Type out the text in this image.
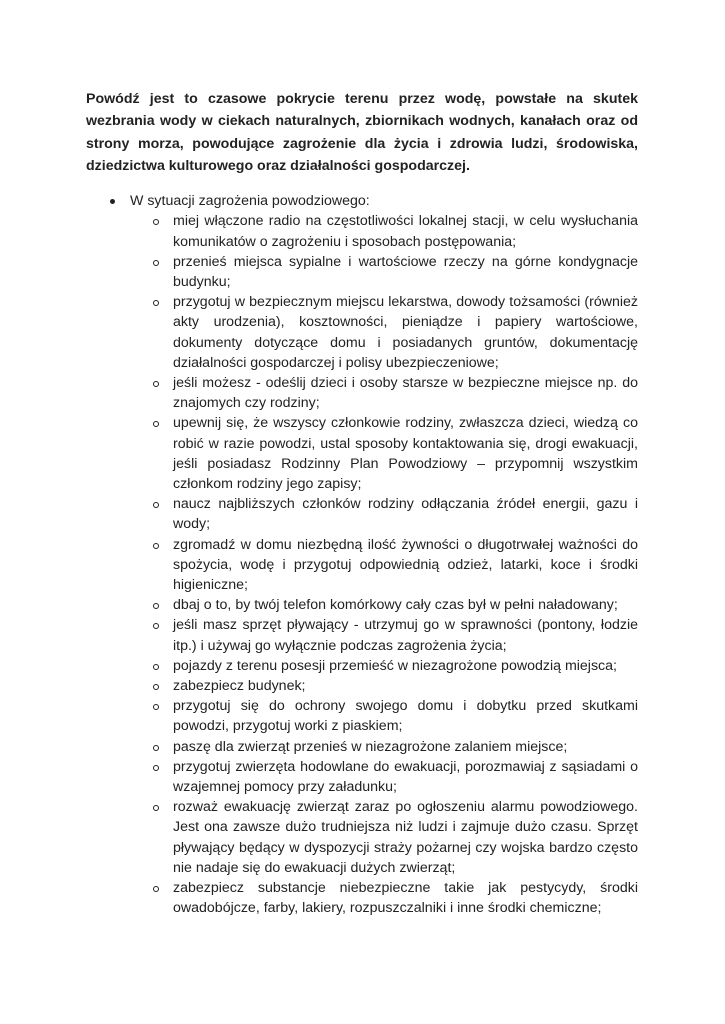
Powódź jest to czasowe pokrycie terenu przez wodę, powstałe na skutek wezbrania wody w ciekach naturalnych, zbiornikach wodnych, kanałach oraz od strony morza, powodujące zagrożenie dla życia i zdrowia ludzi, środowiska, dziedzictwa kulturowego oraz działalności gospodarczej.

W sytuacji zagrożenia powodziowego:
miej włączone radio na częstotliwości lokalnej stacji, w celu wysłuchania komunikatów o zagrożeniu i sposobach postępowania;
przenieś miejsca sypialne i wartościowe rzeczy na górne kondygnacje budynku;
przygotuj w bezpiecznym miejscu lekarstwa, dowody tożsamości (również akty urodzenia), kosztowności, pieniądze i papiery wartościowe, dokumenty dotyczące domu i posiadanych gruntów, dokumentację działalności gospodarczej i polisy ubezpieczeniowe;
jeśli możesz - odeślij dzieci i osoby starsze w bezpieczne miejsce np. do znajomych czy rodziny;
upewnij się, że wszyscy członkowie rodziny, zwłaszcza dzieci, wiedzą co robić w razie powodzi, ustal sposoby kontaktowania się, drogi ewakuacji, jeśli posiadasz Rodzinny Plan Powodziowy – przypomnij wszystkim członkom rodziny jego zapisy;
naucz najbliższych członków rodziny odłączania źródeł energii, gazu i wody;
zgromadź w domu niezbędną ilość żywności o długotrwałej ważności do spożycia, wodę i przygotuj odpowiednią odzież, latarki, koce i środki higieniczne;
dbaj o to, by twój telefon komórkowy cały czas był w pełni naładowany;
jeśli masz sprzęt pływający - utrzymuj go w sprawności (pontony, łodzie itp.) i używaj go wyłącznie podczas zagrożenia życia;
pojazdy z terenu posesji przemieść w niezagrożone powodzią miejsca;
zabezpiecz budynek;
przygotuj się do ochrony swojego domu i dobytku przed skutkami powodzi, przygotuj worki z piaskiem;
paszę dla zwierząt przenieś w niezagrożone zalaniem miejsce;
przygotuj zwierzęta hodowlane do ewakuacji, porozmawiaj z sąsiadami o wzajemnej pomocy przy załadunku;
rozważ ewakuację zwierząt zaraz po ogłoszeniu alarmu powodziowego. Jest ona zawsze dużo trudniejsza niż ludzi i zajmuje dużo czasu. Sprzęt pływający będący w dyspozycji straży pożarnej czy wojska bardzo często nie nadaje się do ewakuacji dużych zwierząt;
zabezpiecz substancje niebezpieczne takie jak pestycydy, środki owadobójcze, farby, lakiery, rozpuszczalniki i inne środki chemiczne;
